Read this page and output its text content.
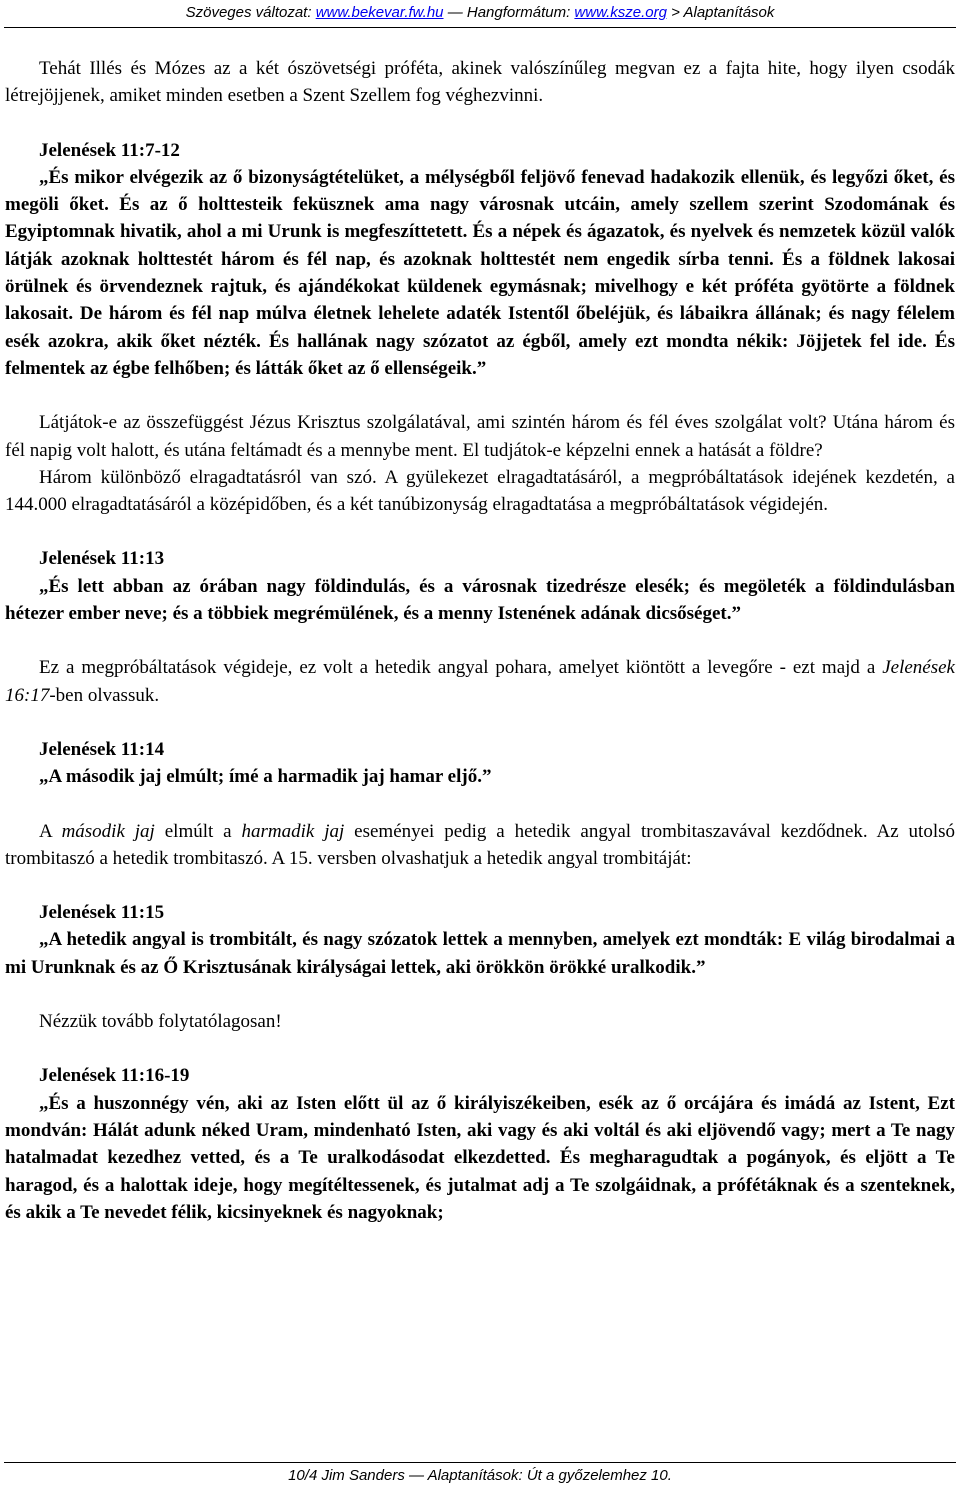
Szöveges változat: www.bekevar.fw.hu — Hangformátum: www.ksze.org > Alaptanítások

Tehát Illés és Mózes az a két ószövetségi próféta, akinek valószínűleg megvan ez a fajta hite, hogy ilyen csodák létrejöjjenek, amiket minden esetben a Szent Szellem fog véghezvinni.

Jelenések 11:7-12

„És mikor elvégezik az ő bizonyságtételüket, a mélységből feljövő fenevad hadakozik ellenük, és legyőzi őket, és megöli őket. És az ő holttesteik feküsznek ama nagy városnak utcáin, amely szellem szerint Szodomának és Egyiptomnak hivatik, ahol a mi Urunk is megfeszíttetett. És a népek és ágazatok, és nyelvek és nemzetek közül valók látják azoknak holttestét három és fél nap, és azoknak holttestét nem engedik sírba tenni. És a földnek lakosai örülnek és örvendeznek rajtuk, és ajándékokat küldenek egymásnak; mivelhogy e két próféta gyötörte a földnek lakosait. De három és fél nap múlva életnek lehelete adaték Istentől őbeléjük, és lábaikra állának; és nagy félelem esék azokra, akik őket nézték. És hallának nagy szózatot az égből, amely ezt mondta nékik: Jöjjetek fel ide. És felmentek az égbe felhőben; és látták őket az ő ellenségeik.”

Látjátok-e az összefüggést Jézus Krisztus szolgálatával, ami szintén három és fél éves szolgálat volt? Utána három és fél napig volt halott, és utána feltámadt és a mennybe ment. El tudjátok-e képzelni ennek a hatását a földre?

Három különböző elragadtatásról van szó. A gyülekezet elragadtatásáról, a megpróbáltatások idejének kezdetén, a 144.000 elragadtatásáról a középidőben, és a két tanúbizonyság elragadtatása a megpróbáltatások végidején.

Jelenések 11:13

„És lett abban az órában nagy földindulás, és a városnak tizedrésze elesék; és megöleték a földindulásban hétezer ember neve; és a többiek megrémülének, és a menny Istenének adának dicsőséget.”

Ez a megpróbáltatások végideje, ez volt a hetedik angyal pohara, amelyet kiöntött a levegőre - ezt majd a Jelenések 16:17-ben olvassuk.

Jelenések 11:14

„A második jaj elmúlt; ímé a harmadik jaj hamar eljő.”

A második jaj elmúlt a harmadik jaj eseményei pedig a hetedik angyal trombitaszavával kezdődnek. Az utolsó trombitaszó a hetedik trombitaszó. A 15. versben olvashatjuk a hetedik angyal trombitáját:

Jelenések 11:15

„A hetedik angyal is trombitált, és nagy szózatok lettek a mennyben, amelyek ezt mondták: E világ birodalmai a mi Urunknak és az Ő Krisztusának királyságai lettek, aki örökkön örökké uralkodik.”

Nézzük tovább folytatólagosan!

Jelenések 11:16-19

„És a huszonnégy vén, aki az Isten előtt ül az ő királyiszékeiben, esék az ő orcájára és imádá az Istent, Ezt mondván: Hálát adunk néked Uram, mindenható Isten, aki vagy és aki voltál és aki eljövendő vagy; mert a Te nagy hatalmadat kezedhez vetted, és a Te uralkodásodat elkezdetted. És megharagudtak a pogányok, és eljött a Te haragod, és a halottak ideje, hogy megítéltessenek, és jutalmat adj a Te szolgáidnak, a prófétáknak és a szenteknek, és akik a Te nevedet félik, kicsinyeknek és nagyoknak;

10/4 Jim Sanders — Alaptanítások: Út a győzelemhez 10.
